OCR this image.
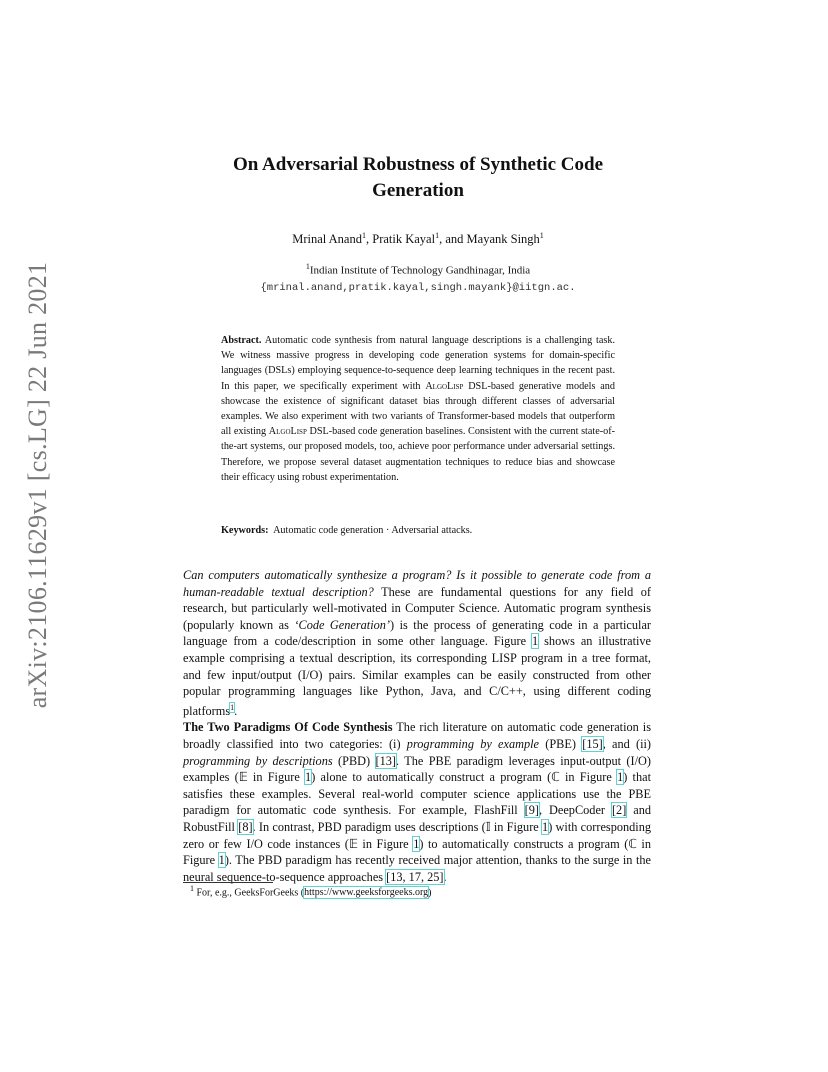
arXiv:2106.11629v1 [cs.LG] 22 Jun 2021
On Adversarial Robustness of Synthetic Code
Generation
Mrinal Anand$^1$, Pratik Kayal$^1$, and Mayank Singh$^1$
$^1$Indian Institute of Technology Gandhinagar, India
{mrinal.anand,pratik.kayal,singh.mayank}@iitgn.ac.
Abstract. Automatic code synthesis from natural language descriptions is a challenging task. We witness massive progress in developing code generation systems for domain-specific languages (DSLs) employing sequence-to-sequence deep learning techniques in the recent past. In this paper, we specifically experiment with AlgoLisp DSL-based generative models and showcase the existence of significant dataset bias through different classes of adversarial examples. We also experiment with two variants of Transformer-based models that outperform all existing AlgoLisp DSL-based code generation baselines. Consistent with the current state-of-the-art systems, our proposed models, too, achieve poor performance under adversarial settings. Therefore, we propose several dataset augmentation techniques to reduce bias and showcase their efficacy using robust experimentation.
Keywords: Automatic code generation · Adversarial attacks.

Can computers automatically synthesize a program? Is it possible to generate code from a human-readable textual description? These are fundamental questions for any field of research, but particularly well-motivated in Computer Science. Automatic program synthesis (popularly known as ‘Code Generation’) is the process of generating code in a particular language from a code/description in some other language. Figure 1 shows an illustrative example comprising a textual description, its corresponding LISP program in a tree format, and few input/output (I/O) pairs. Similar examples can be easily constructed from other popular programming languages like Python, Java, and C/C++, using different coding platforms$^1$.

The Two Paradigms Of Code Synthesis The rich literature on automatic code generation is broadly classified into two categories: (i) programming by example (PBE) [15], and (ii) programming by descriptions (PBD) [13]. The PBE paradigm leverages input-output (I/O) examples (𝔼 in Figure 1) alone to automatically construct a program (ℂ in Figure 1) that satisfies these examples. Several real-world computer science applications use the PBE paradigm for automatic code synthesis. For example, FlashFill [9], DeepCoder [2] and RobustFill [8]. In contrast, PBD paradigm uses descriptions (𝕀 in Figure 1) with corresponding zero or few I/O code instances (𝔼 in Figure 1) to automatically constructs a program (ℂ in Figure 1). The PBD paradigm has recently received major attention, thanks to the surge in the neural sequence-to-sequence approaches [13, 17, 25].

$^1$ For, e.g., GeeksForGeeks (https://www.geeksforgeeks.org)
